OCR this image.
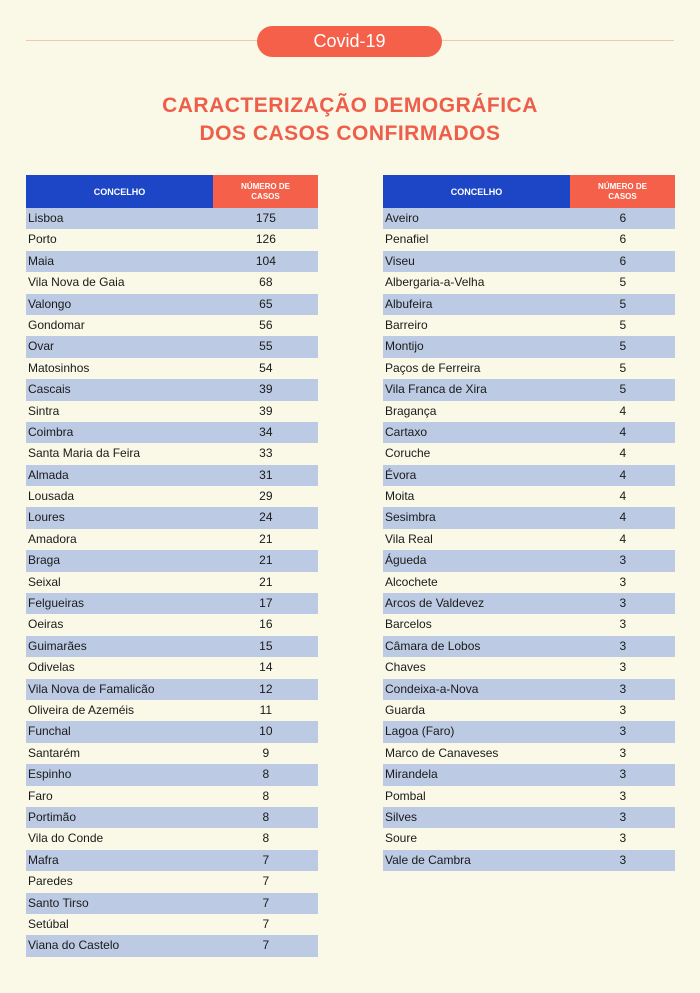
Covid-19
CARACTERIZAÇÃO DEMOGRÁFICA
DOS CASOS CONFIRMADOS
CONCELHO
NÚMERO DE CASOS
Lisboa	175
Porto	126
Maia	104
Vila Nova de Gaia	68
Valongo	65
Gondomar	56
Ovar	55
Matosinhos	54
Cascais	39
Sintra	39
Coimbra	34
Santa Maria da Feira	33
Almada	31
Lousada	29
Loures	24
Amadora	21
Braga	21
Seixal	21
Felgueiras	17
Oeiras	16
Guimarães	15
Odivelas	14
Vila Nova de Famalicão	12
Oliveira de Azeméis	11
Funchal	10
Santarém	9
Espinho	8
Faro	8
Portimão	8
Vila do Conde	8
Mafra	7
Paredes	7
Santo Tirso	7
Setúbal	7
Viana do Castelo	7
CONCELHO
NÚMERO DE CASOS
Aveiro	6
Penafiel	6
Viseu	6
Albergaria-a-Velha	5
Albufeira	5
Barreiro	5
Montijo	5
Paços de Ferreira	5
Vila Franca de Xira	5
Bragança	4
Cartaxo	4
Coruche	4
Évora	4
Moita	4
Sesimbra	4
Vila Real	4
Águeda	3
Alcochete	3
Arcos de Valdevez	3
Barcelos	3
Câmara de Lobos	3
Chaves	3
Condeixa-a-Nova	3
Guarda	3
Lagoa (Faro)	3
Marco de Canaveses	3
Mirandela	3
Pombal	3
Silves	3
Soure	3
Vale de Cambra	3
